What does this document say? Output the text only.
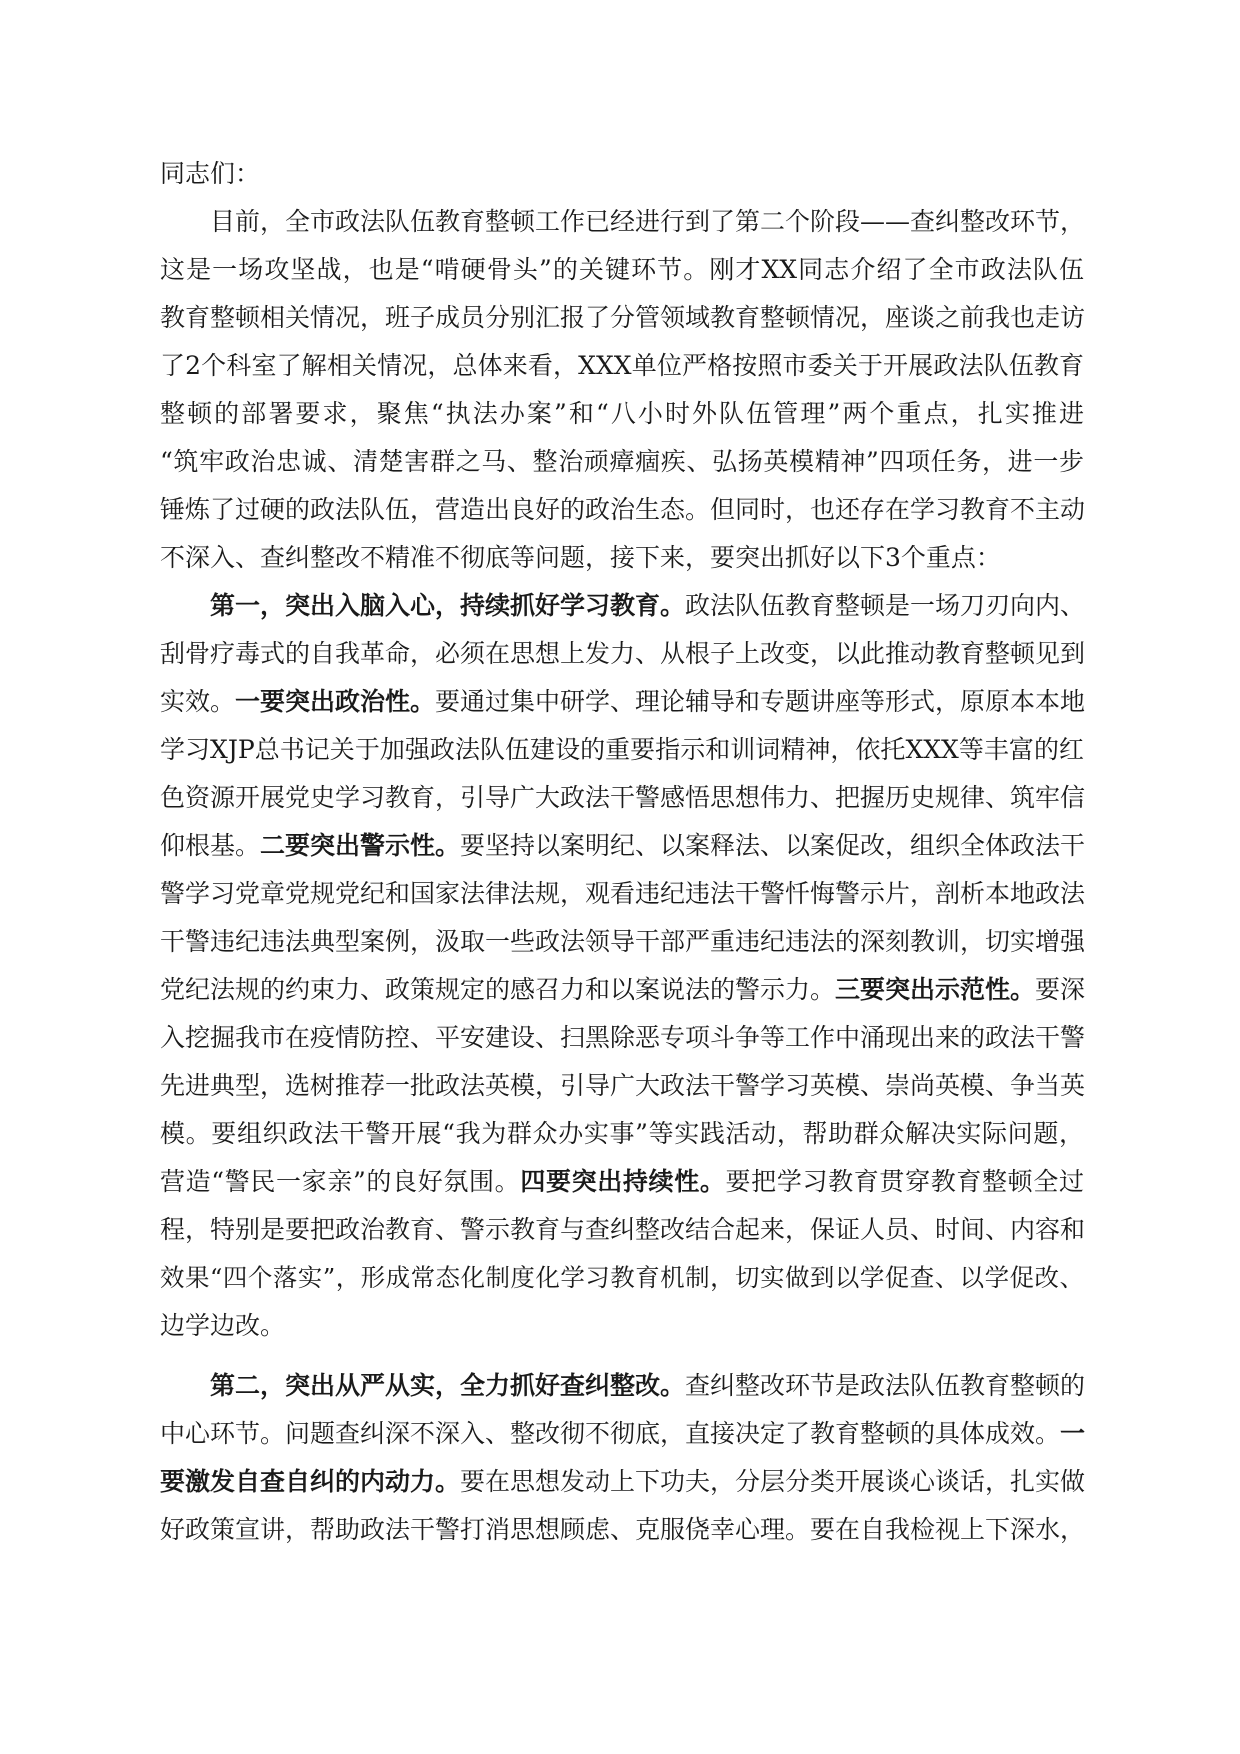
同志们：

目前，全市政法队伍教育整顿工作已经进行到了第二个阶段——查纠整改环节，
这是一场攻坚战，也是“啃硬骨头”的关键环节。刚才XX同志介绍了全市政法队伍
教育整顿相关情况，班子成员分别汇报了分管领域教育整顿情况，座谈之前我也走访
了2个科室了解相关情况，总体来看，XXX单位严格按照市委关于开展政法队伍教育
整顿的部署要求，聚焦“执法办案”和“八小时外队伍管理”两个重点，扎实推进
“筑牢政治忠诚、清楚害群之马、整治顽瘴痼疾、弘扬英模精神”四项任务，进一步
锤炼了过硬的政法队伍，营造出良好的政治生态。但同时，也还存在学习教育不主动
不深入、查纠整改不精准不彻底等问题，接下来，要突出抓好以下3个重点：
第一，突出入脑入心，持续抓好学习教育。政法队伍教育整顿是一场刀刃向内、
刮骨疗毒式的自我革命，必须在思想上发力、从根子上改变，以此推动教育整顿见到
实效。一要突出政治性。要通过集中研学、理论辅导和专题讲座等形式，原原本本地
学习XJP总书记关于加强政法队伍建设的重要指示和训词精神，依托XXX等丰富的红
色资源开展党史学习教育，引导广大政法干警感悟思想伟力、把握历史规律、筑牢信
仰根基。二要突出警示性。要坚持以案明纪、以案释法、以案促改，组织全体政法干
警学习党章党规党纪和国家法律法规，观看违纪违法干警忏悔警示片，剖析本地政法
干警违纪违法典型案例，汲取一些政法领导干部严重违纪违法的深刻教训，切实增强
党纪法规的约束力、政策规定的感召力和以案说法的警示力。三要突出示范性。要深
入挖掘我市在疫情防控、平安建设、扫黑除恶专项斗争等工作中涌现出来的政法干警
先进典型，选树推荐一批政法英模，引导广大政法干警学习英模、崇尚英模、争当英
模。要组织政法干警开展“我为群众办实事”等实践活动，帮助群众解决实际问题，
营造“警民一家亲”的良好氛围。四要突出持续性。要把学习教育贯穿教育整顿全过
程，特别是要把政治教育、警示教育与查纠整改结合起来，保证人员、时间、内容和
效果“四个落实”，形成常态化制度化学习教育机制，切实做到以学促查、以学促改、
边学边改。
第二，突出从严从实，全力抓好查纠整改。查纠整改环节是政法队伍教育整顿的
中心环节。问题查纠深不深入、整改彻不彻底，直接决定了教育整顿的具体成效。一
要激发自查自纠的内动力。要在思想发动上下功夫，分层分类开展谈心谈话，扎实做
好政策宣讲，帮助政法干警打消思想顾虑、克服侥幸心理。要在自我检视上下深水，
